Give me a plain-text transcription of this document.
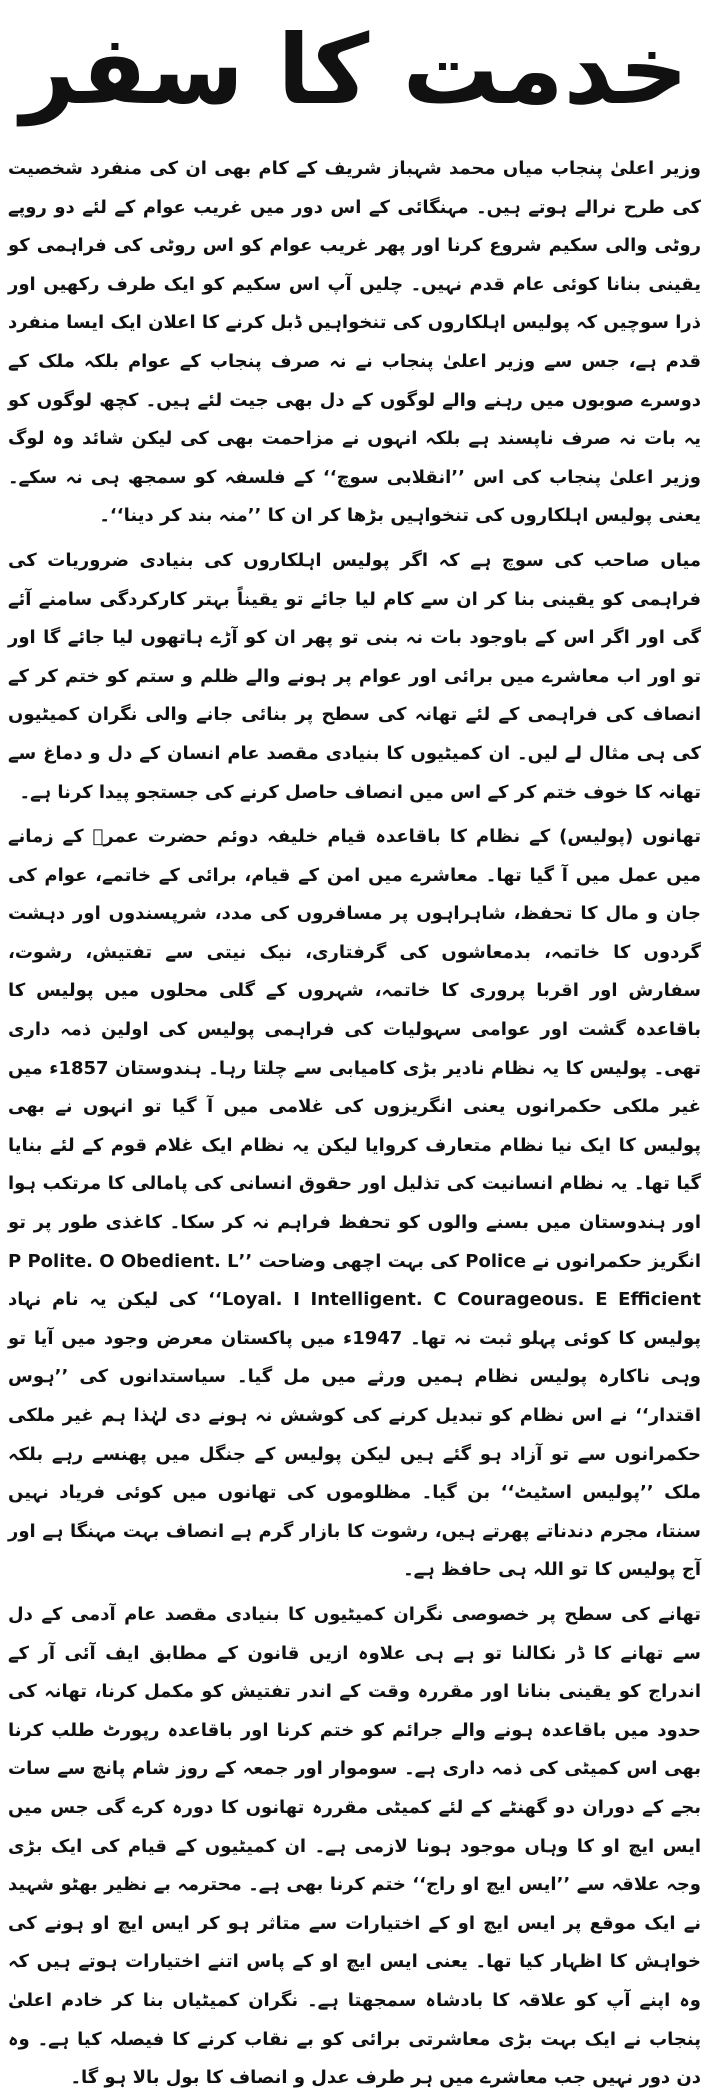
خدمت کا سفر

وزیر اعلیٰ پنجاب میاں محمد شہباز شریف کے کام بھی ان کی منفرد شخصیت کی طرح نرالے ہوتے ہیں۔ مہنگائی کے اس دور میں غریب عوام کے لئے دو روپے روٹی والی سکیم شروع کرنا اور پھر غریب عوام کو اس روٹی کی فراہمی کو یقینی بنانا کوئی عام قدم نہیں۔ چلیں آپ اس سکیم کو ایک طرف رکھیں اور ذرا سوچیں کہ پولیس اہلکاروں کی تنخواہیں ڈبل کرنے کا اعلان ایک ایسا منفرد قدم ہے، جس سے وزیر اعلیٰ پنجاب نے نہ صرف پنجاب کے عوام بلکہ ملک کے دوسرے صوبوں میں رہنے والے لوگوں کے دل بھی جیت لئے ہیں۔ کچھ لوگوں کو یہ بات نہ صرف ناپسند ہے بلکہ انہوں نے مزاحمت بھی کی لیکن شائد وہ لوگ وزیر اعلیٰ پنجاب کی اس ’’انقلابی سوچ‘‘ کے فلسفہ کو سمجھ ہی نہ سکے۔ یعنی پولیس اہلکاروں کی تنخواہیں بڑھا کر ان کا ’’منہ بند کر دینا‘‘۔

میاں صاحب کی سوچ ہے کہ اگر پولیس اہلکاروں کی بنیادی ضروریات کی فراہمی کو یقینی بنا کر ان سے کام لیا جائے تو یقیناً بہتر کارکردگی سامنے آئے گی اور اگر اس کے باوجود بات نہ بنی تو پھر ان کو آڑے ہاتھوں لیا جائے گا اور تو اور اب معاشرے میں برائی اور عوام پر ہونے والے ظلم و ستم کو ختم کر کے انصاف کی فراہمی کے لئے تھانہ کی سطح پر بنائی جانے والی نگران کمیٹیوں کی ہی مثال لے لیں۔ ان کمیٹیوں کا بنیادی مقصد عام انسان کے دل و دماغ سے تھانہ کا خوف ختم کر کے اس میں انصاف حاصل کرنے کی جستجو پیدا کرنا ہے۔

تھانوں (پولیس) کے نظام کا باقاعدہ قیام خلیفہ دوئم حضرت عمرؓ کے زمانے میں عمل میں آ گیا تھا۔ معاشرے میں امن کے قیام، برائی کے خاتمے، عوام کی جان و مال کا تحفظ، شاہراہوں پر مسافروں کی مدد، شرپسندوں اور دہشت گردوں کا خاتمہ، بدمعاشوں کی گرفتاری، نیک نیتی سے تفتیش، رشوت، سفارش اور اقربا پروری کا خاتمہ، شہروں کے گلی محلوں میں پولیس کا باقاعدہ گشت اور عوامی سہولیات کی فراہمی پولیس کی اولین ذمہ داری تھی۔ پولیس کا یہ نظام نادیر بڑی کامیابی سے چلتا رہا۔ ہندوستان 1857ء میں غیر ملکی حکمرانوں یعنی انگریزوں کی غلامی میں آ گیا تو انہوں نے بھی پولیس کا ایک نیا نظام متعارف کروایا لیکن یہ نظام ایک غلام قوم کے لئے بنایا گیا تھا۔ یہ نظام انسانیت کی تذلیل اور حقوق انسانی کی پامالی کا مرتکب ہوا اور ہندوستان میں بسنے والوں کو تحفظ فراہم نہ کر سکا۔ کاغذی طور پر تو انگریز حکمرانوں نے Police کی بہت اچھی وضاحت ’’P Polite. O Obedient. L Loyal. I Intelligent. C Courageous. E Efficient‘‘ کی لیکن یہ نام نہاد پولیس کا کوئی پہلو ثبت نہ تھا۔ 1947ء میں پاکستان معرض وجود میں آیا تو وہی ناکارہ پولیس نظام ہمیں ورثے میں مل گیا۔ سیاستدانوں کی ’’ہوس اقتدار‘‘ نے اس نظام کو تبدیل کرنے کی کوشش نہ ہونے دی لہٰذا ہم غیر ملکی حکمرانوں سے تو آزاد ہو گئے ہیں لیکن پولیس کے جنگل میں پھنسے رہے بلکہ ملک ’’پولیس اسٹیٹ‘‘ بن گیا۔ مظلوموں کی تھانوں میں کوئی فریاد نہیں سنتا، مجرم دندناتے پھرتے ہیں، رشوت کا بازار گرم ہے انصاف بہت مہنگا ہے اور آج پولیس کا تو اللہ ہی حافظ ہے۔

تھانے کی سطح پر خصوصی نگران کمیٹیوں کا بنیادی مقصد عام آدمی کے دل سے تھانے کا ڈر نکالنا تو ہے ہی علاوہ ازیں قانون کے مطابق ایف آئی آر کے اندراج کو یقینی بنانا اور مقررہ وقت کے اندر تفتیش کو مکمل کرنا، تھانہ کی حدود میں باقاعدہ ہونے والے جرائم کو ختم کرنا اور باقاعدہ رپورٹ طلب کرنا بھی اس کمیٹی کی ذمہ داری ہے۔ سوموار اور جمعہ کے روز شام پانچ سے سات بجے کے دوران دو گھنٹے کے لئے کمیٹی مقررہ تھانوں کا دورہ کرے گی جس میں ایس ایچ او کا وہاں موجود ہونا لازمی ہے۔ ان کمیٹیوں کے قیام کی ایک بڑی وجہ علاقہ سے ’’ایس ایچ او راج‘‘ ختم کرنا بھی ہے۔ محترمہ بے نظیر بھٹو شہید نے ایک موقع پر ایس ایچ او کے اختیارات سے متاثر ہو کر ایس ایچ او ہونے کی خواہش کا اظہار کیا تھا۔ یعنی ایس ایچ او کے پاس اتنے اختیارات ہوتے ہیں کہ وہ اپنے آپ کو علاقہ کا بادشاہ سمجھتا ہے۔ نگران کمیٹیاں بنا کر خادم اعلیٰ پنجاب نے ایک بہت بڑی معاشرتی برائی کو بے نقاب کرنے کا فیصلہ کیا ہے۔ وہ دن دور نہیں جب معاشرے میں ہر طرف عدل و انصاف کا بول بالا ہو گا۔
